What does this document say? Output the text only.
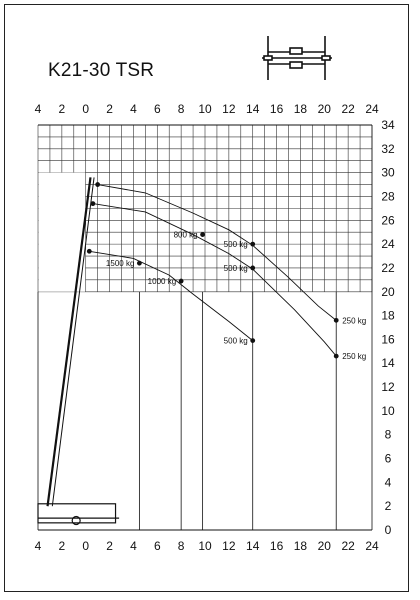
K21-30 TSR
4
4
2
2
0
0
2
2
4
4
6
6
8
8
10
10
12
12
14
14
16
16
18
18
20
20
22
22
24
24
0
2
4
6
8
10
12
14
16
18
20
22
24
26
28
30
32
34
800 kg
500 kg
500 kg
1500 kg
1000 kg
500 kg
250 kg
250 kg
